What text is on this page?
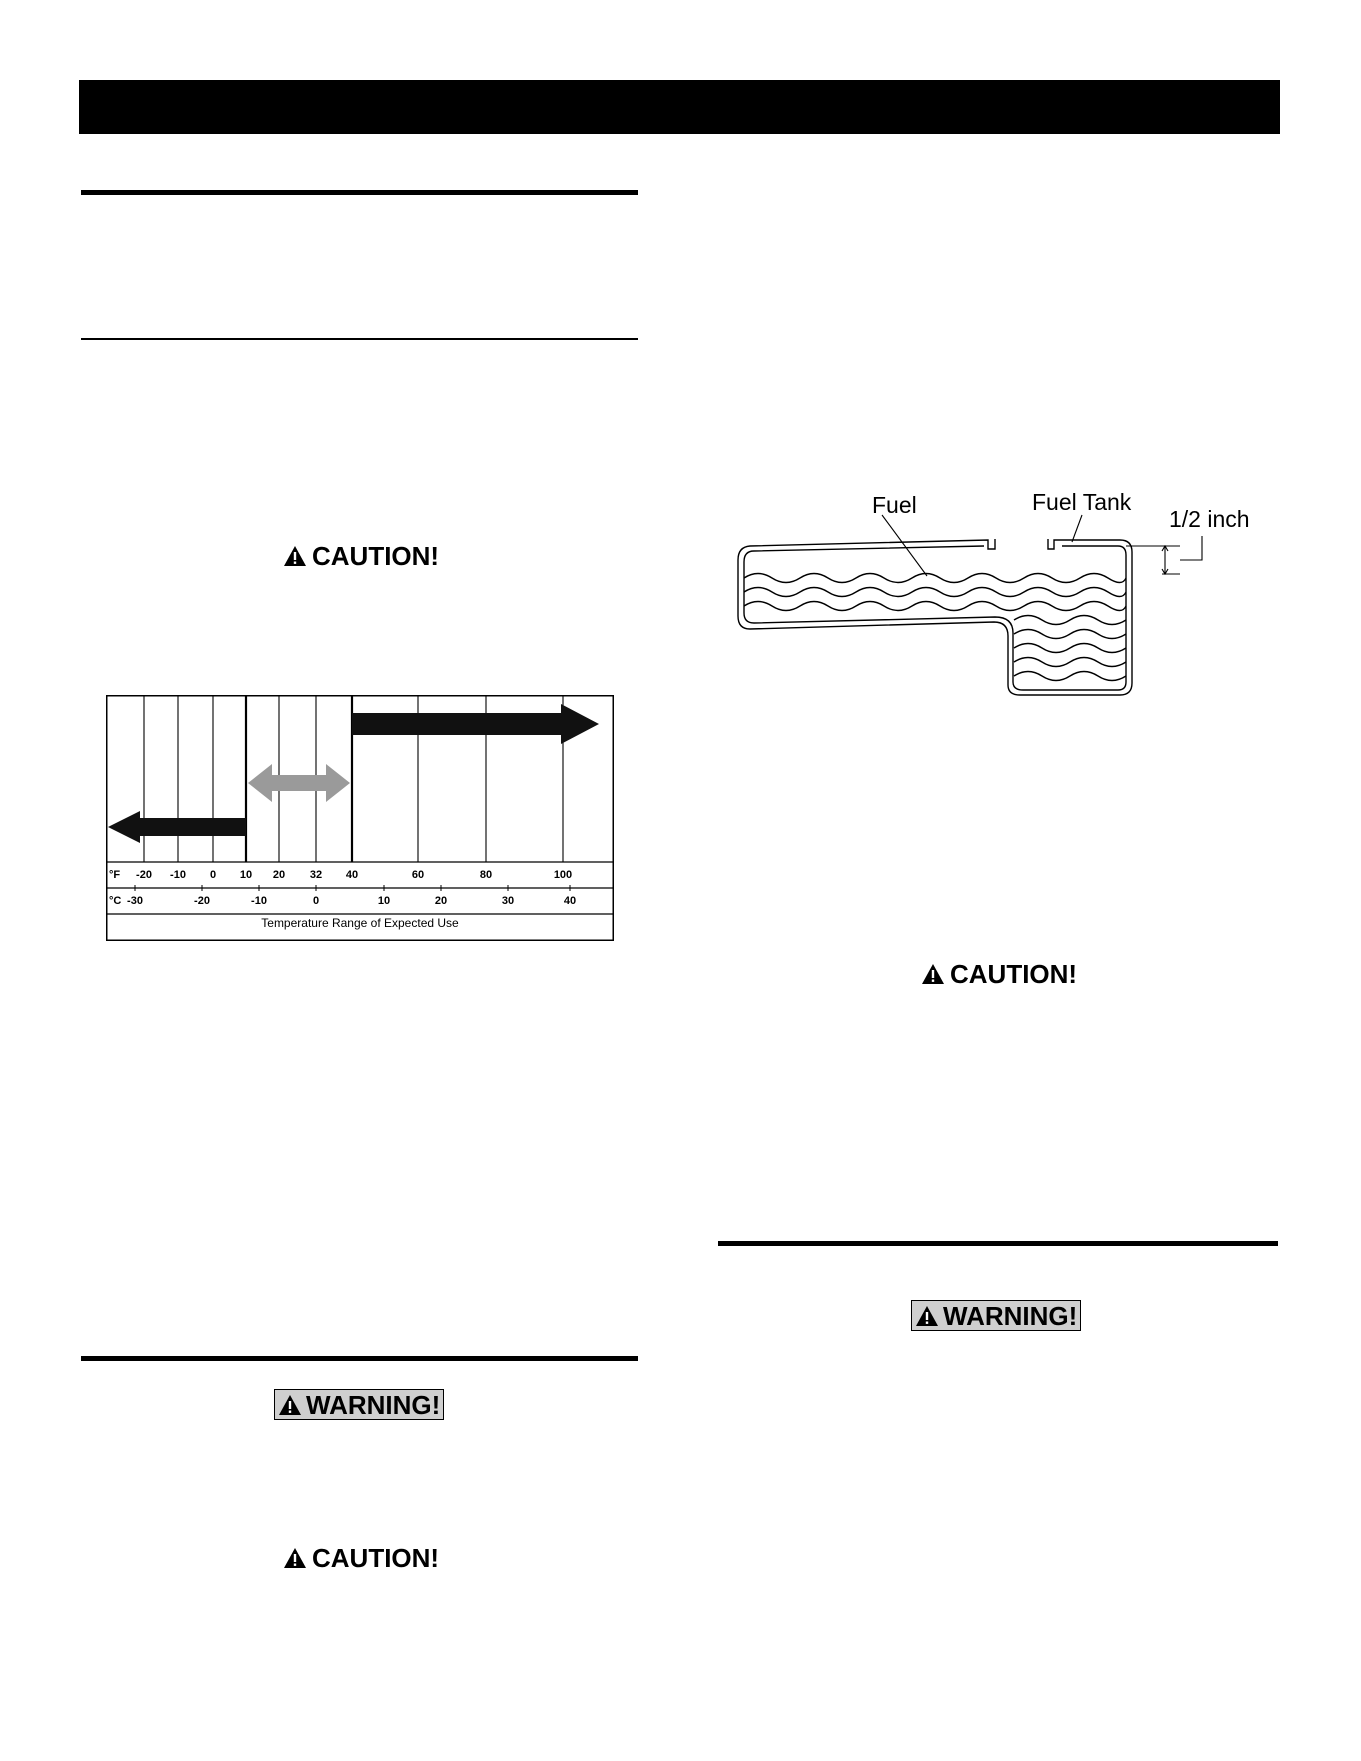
CAUTION!
°F
°C
-20	-10	0	10	20	32	40	60	80	100
-30	-20	-10	0	10	20	30	40
Temperature Range of Expected Use
WARNING!
CAUTION!
Fuel	Fuel Tank
1/2 inch
CAUTION!
WARNING!
